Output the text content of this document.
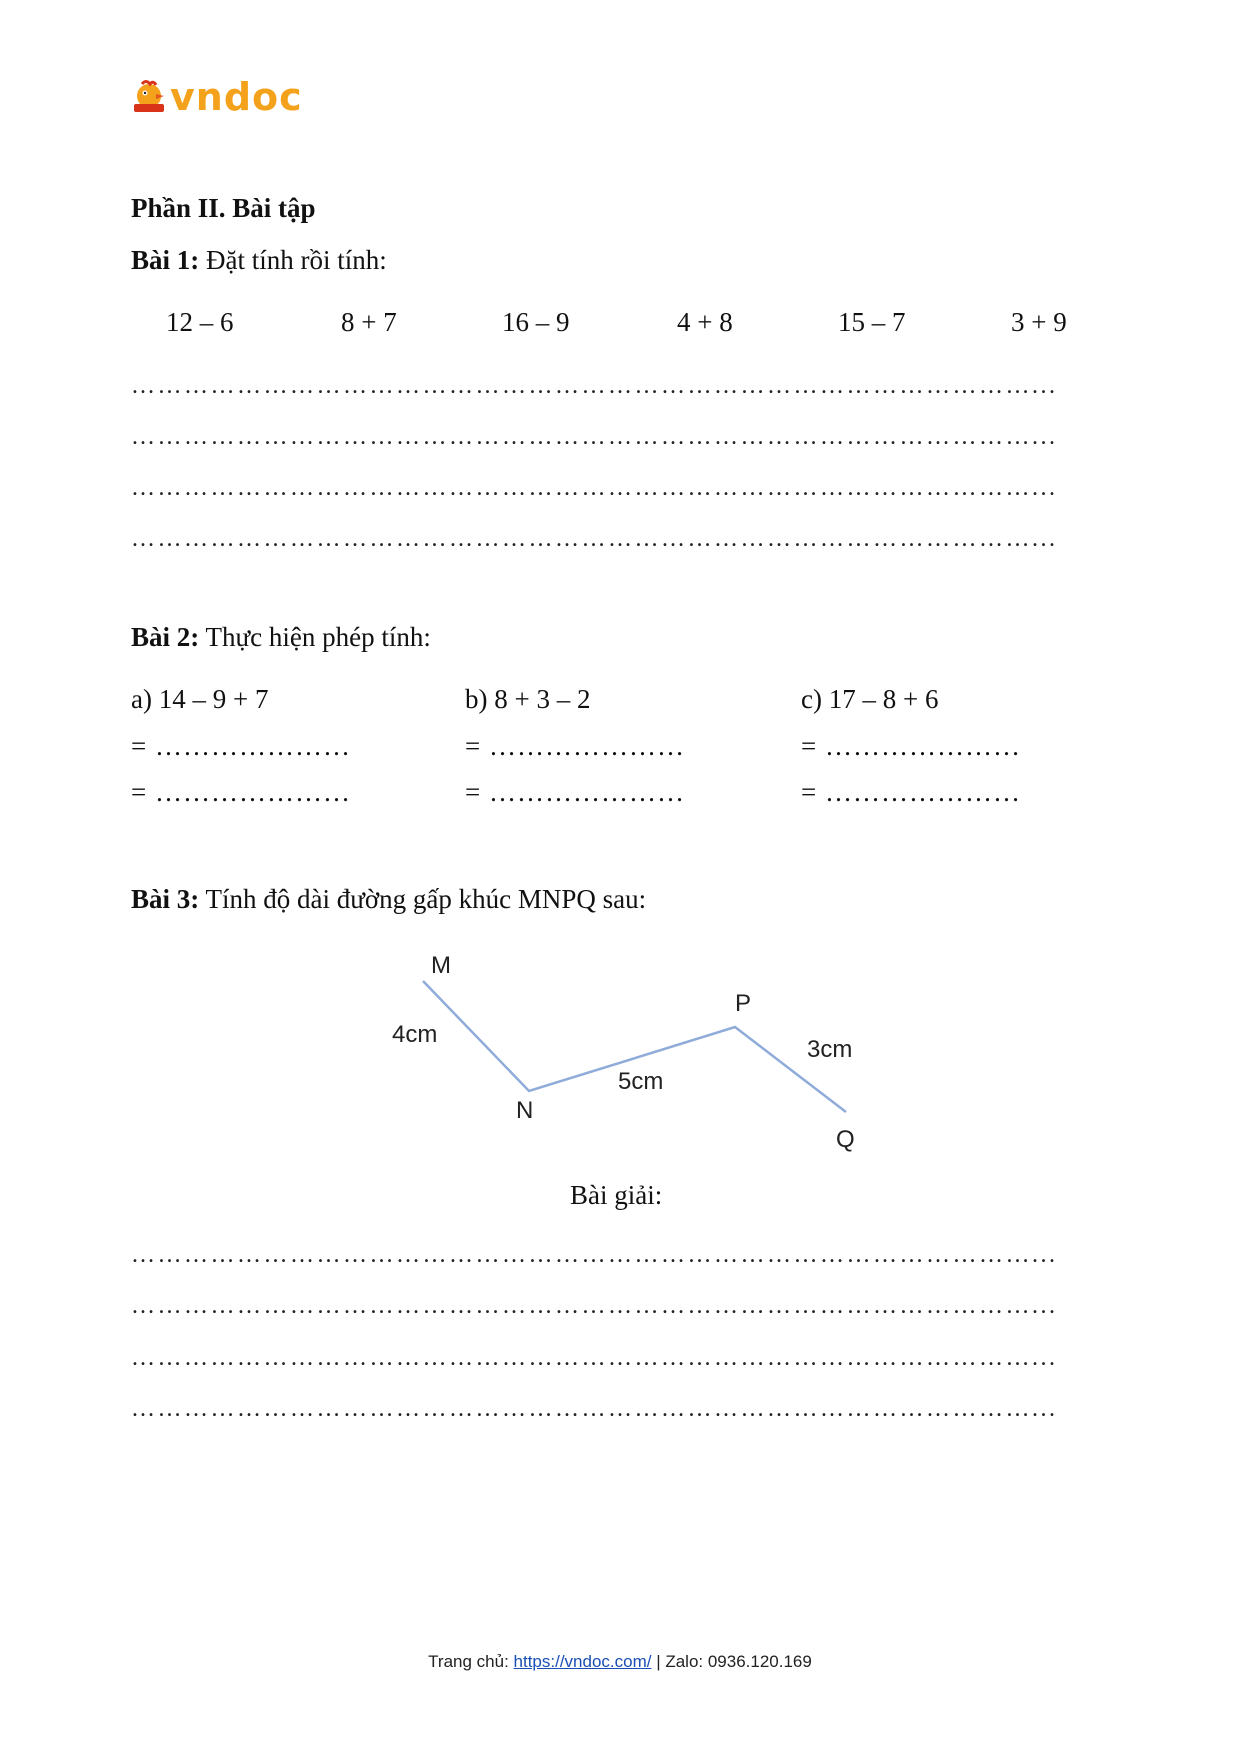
vndoc
Phần II. Bài tập
Bài 1: Đặt tính rồi tính:
12 – 6	8 + 7	16 – 9	4 + 8	15 – 7	3 + 9
…………………………………………………………………………………………...
…………………………………………………………………………………………...
…………………………………………………………………………………………...
…………………………………………………………………………………………...
Bài 2: Thực hiện phép tính:
a) 14 – 9 + 7	b) 8 + 3 – 2	c) 17 – 8 + 6
= …………………	= …………………	= …………………
= …………………	= …………………	= …………………
Bài 3: Tính độ dài đường gấp khúc MNPQ sau:
M
N
P
Q
4cm
5cm
3cm
Bài giải:
…………………………………………………………………………………………...
…………………………………………………………………………………………...
…………………………………………………………………………………………...
…………………………………………………………………………………………...
Trang chủ: https://vndoc.com/ | Zalo: 0936.120.169
